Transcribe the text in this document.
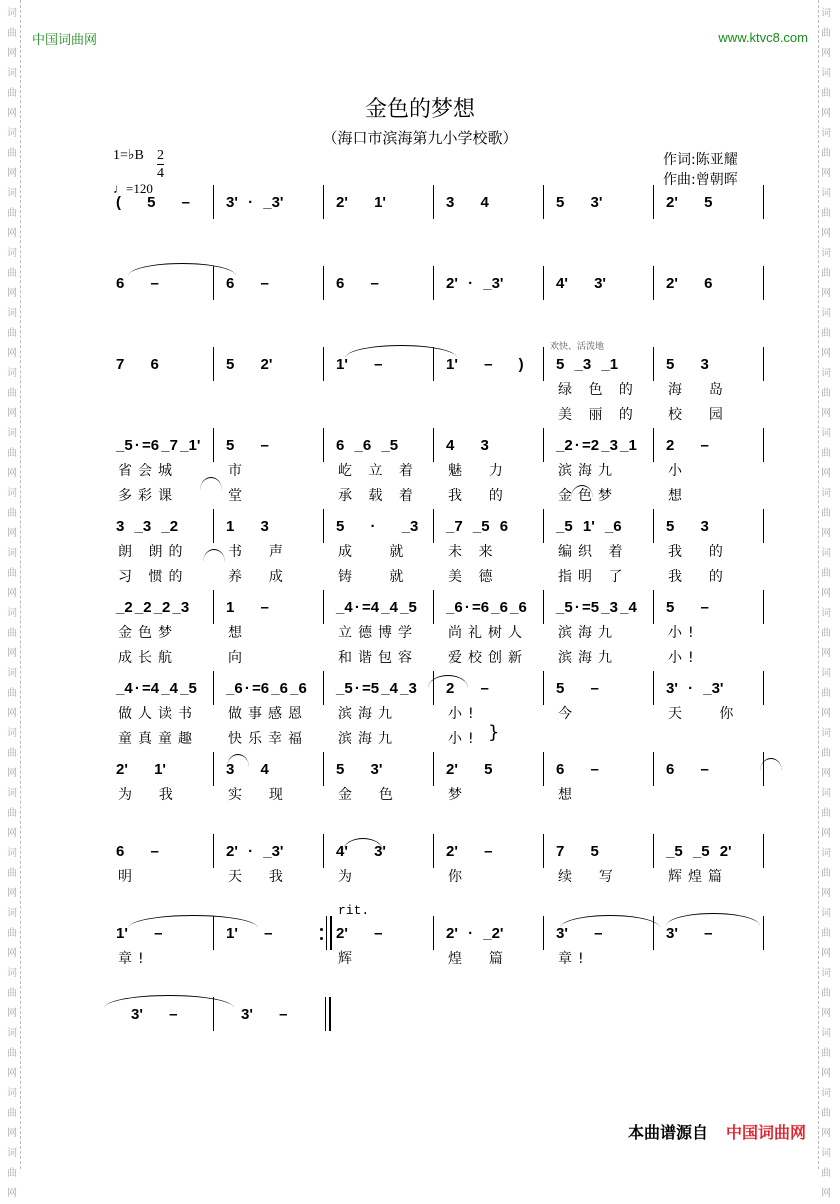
中国词曲网	www.ktvc8.com
金色的梦想
（海口市滨海第九小学校歌）
1=♭B $\frac{2}{4}$
♩=120
作词:陈亚耀
作曲:曾朝晖
( 5 – 3' · _3'	2' 1'	3 4	5 3'	2' 5
6 –	6 –	6 –	2' · _3'	4' 3'	2' 6
7 6	5 2'	1' –	1' – ) 5 _3 _1
绿 色 的
美 丽 的
5 3
海  岛
校  园
_5 · =6 _7 _1'
省会城
多彩课
5 –
市
堂
6 _6 _5
屹 立 着
承 载 着
4 3
魅  力
我  的
_2 · =2 _3 _1
滨海九
金色梦
2 –
小
想
3 _3 _2
朗 朗的
习 惯的
1 3
书  声
养  成
5 · _3
成   就
铸   就
_7 _5 6
未 来
美 德
_5 1' _6
编织 着
指明 了
5 3
我  的
我  的
_2 _2 _2 _3
金色梦
成长航
1 –
想
向
_4 · =4 _4 _5
立德博学
和谐包容
_6 · =6 _6 _6
尚礼树人
爱校创新
_5 · =5 _3 _4
滨海九
滨海九
5 –
小!
小!
_4 · =4 _4 _5
做人读书
童真童趣
_6 · =6 _6 _6
做事感恩
快乐幸福
_5 · =5 _4 _3
滨海九
滨海九
2 –
小!
小!
5 –
今
3' · _3'
天   你
2' 1'
为  我
3 4
实  现
5 3'
金  色
2' 5
梦
6 –
想
6 –
6 –
明
2' · _3'
天  我
4' 3'
为
2' –
你
7 5
续  写
_5 _5 2'
辉煌篇
1' –
章!
1' –	2' –
辉
2' · _2'
煌  篇
3' –
章!
3' –
3' –	3' –
欢快、活泼地
rit.
}
本曲谱源自 中国词曲网
词
曲
网
词
曲
网
词
曲
网
词
曲
网
词
曲
网
词
曲
网
词
曲
网
词
曲
网
词
曲
网
词
曲
网
词
曲
网
词
曲
网
词
曲
网
词
曲
网
词
曲
网
词
曲
网
词
曲
网
词
曲
网
词
曲
网
词
曲
网
词
曲
网
词
曲
网
词
曲
网
词
曲
网
词
曲
网
词
曲
网
词
曲
网
词
曲
网
词
曲
网
词
曲
网
词
曲
网
词
曲
网
词
曲
网
词
曲
网
词
曲
网
词
曲
网
词
曲
网
词
曲
网
词
曲
网
词
曲
网
